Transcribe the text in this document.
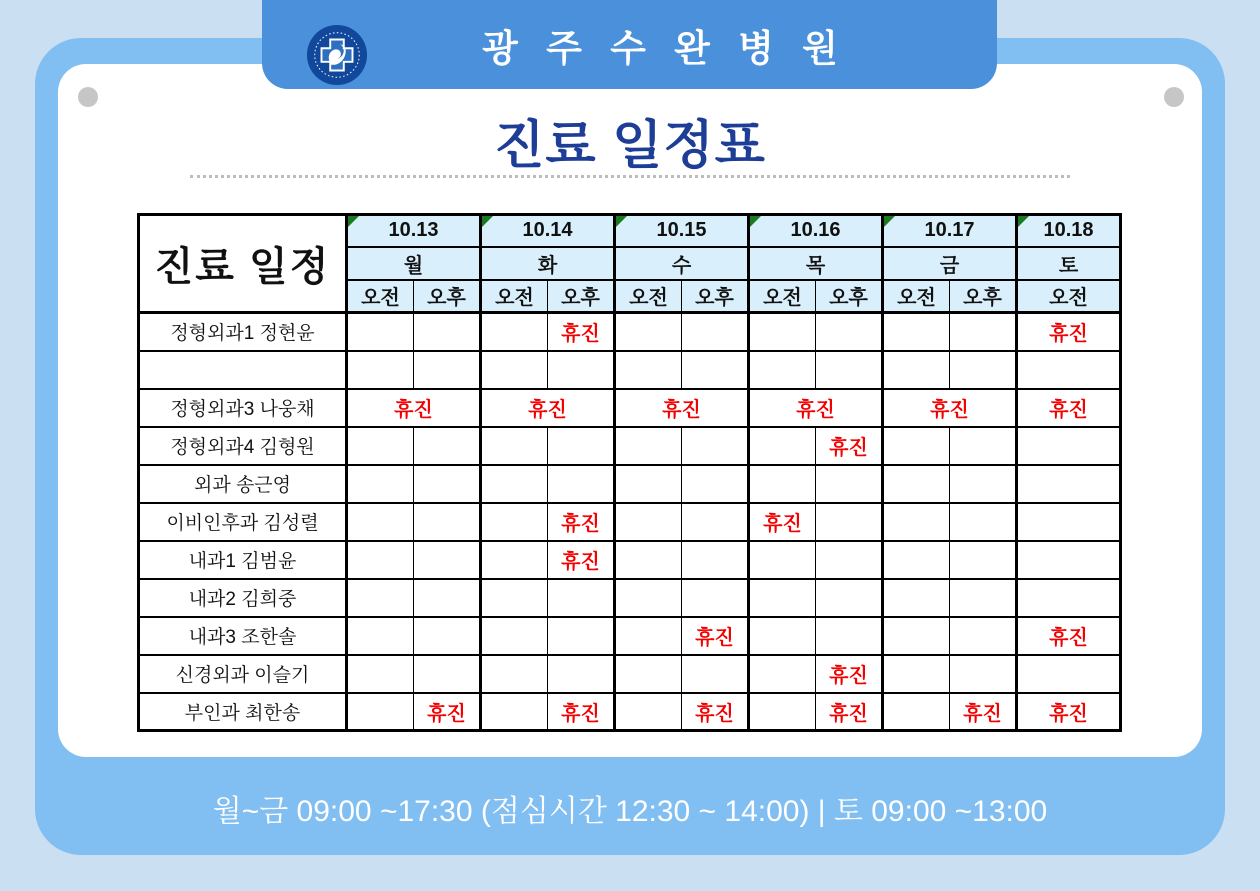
광 주 수 완 병 원
진료 일정표
진료 일정	10.13		10.14		10.15		10.16		10.17		10.18
	월		화		수		목		금		토
	오전	오후	오전	오후	오전	오후	오전	오후	오전	오후	오전
정형외과1 정현윤				휴진							휴진

정형외과3 나웅채	휴진		휴진		휴진		휴진		휴진		휴진
정형외과4 김형원								휴진			
외과 송근영											
이비인후과 김성렬				휴진			휴진				
내과1 김범윤				휴진							
내과2 김희중											
내과3 조한솔						휴진					휴진
신경외과 이슬기								휴진			
부인과 최한송		휴진		휴진		휴진		휴진		휴진	휴진
월~금 09:00 ~17:30 (점심시간 12:30 ~ 14:00) | 토 09:00 ~13:00
